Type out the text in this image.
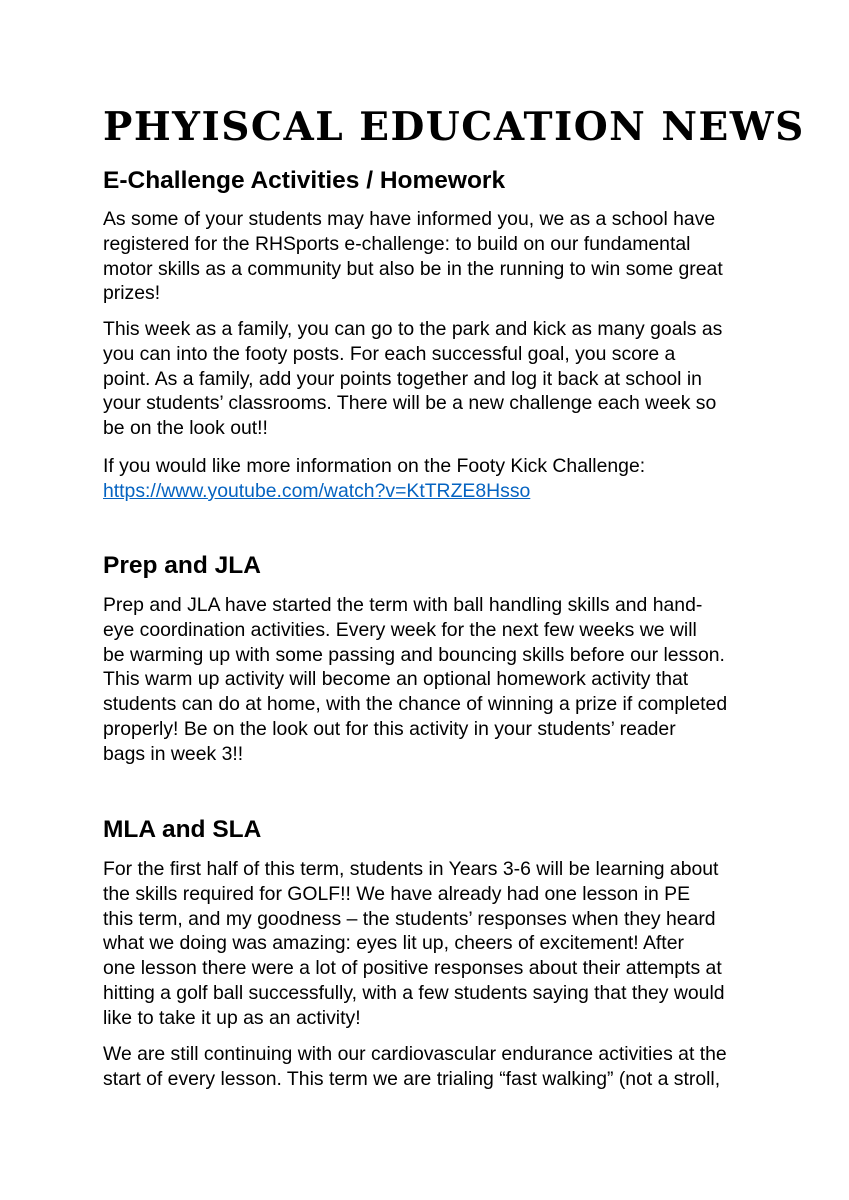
PHYISCAL EDUCATION NEWS
E-Challenge Activities / Homework

As some of your students may have informed you, we as a school have
registered for the RHSports e-challenge: to build on our fundamental
motor skills as a community but also be in the running to win some great
prizes!

This week as a family, you can go to the park and kick as many goals as
you can into the footy posts. For each successful goal, you score a
point. As a family, add your points together and log it back at school in
your students’ classrooms. There will be a new challenge each week so
be on the look out!!

If you would like more information on the Footy Kick Challenge:

https://www.youtube.com/watch?v=KtTRZE8Hsso
Prep and JLA

Prep and JLA have started the term with ball handling skills and hand-
eye coordination activities. Every week for the next few weeks we will
be warming up with some passing and bouncing skills before our lesson.
This warm up activity will become an optional homework activity that
students can do at home, with the chance of winning a prize if completed
properly! Be on the look out for this activity in your students’ reader
bags in week 3!!

MLA and SLA

For the first half of this term, students in Years 3-6 will be learning about
the skills required for GOLF!! We have already had one lesson in PE
this term, and my goodness – the students’ responses when they heard
what we doing was amazing: eyes lit up, cheers of excitement! After
one lesson there were a lot of positive responses about their attempts at
hitting a golf ball successfully, with a few students saying that they would
like to take it up as an activity!

We are still continuing with our cardiovascular endurance activities at the
start of every lesson. This term we are trialing “fast walking” (not a stroll,
